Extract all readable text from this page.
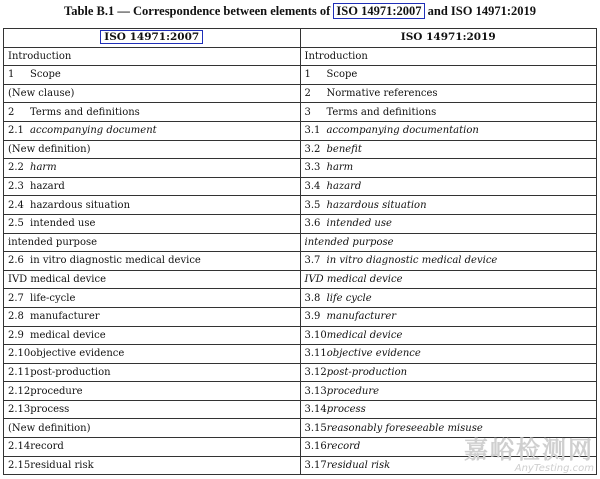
Table B.1 — Correspondence between elements of ISO 14971:2007 and ISO 14971:2019
ISO 14971:2007	ISO 14971:2019
Introduction	Introduction
1 Scope	1 Scope
(New clause)	2 Normative references
2 Terms and definitions	3 Terms and definitions
2.1 accompanying document	3.1 accompanying documentation
(New definition)	3.2 benefit
2.2 harm	3.3 harm
2.3 hazard	3.4 hazard
2.4 hazardous situation	3.5 hazardous situation
2.5 intended use	3.6 intended use
intended purpose	intended purpose
2.6 in vitro diagnostic medical device	3.7 in vitro diagnostic medical device
IVD medical device	IVD medical device
2.7 life-cycle	3.8 life cycle
2.8 manufacturer	3.9 manufacturer
2.9 medical device	3.10medical device
2.10objective evidence	3.11objective evidence
2.11post-production	3.12post-production
2.12procedure	3.13procedure
2.13process	3.14process
(New definition)	3.15reasonably foreseeable misuse
2.14record	3.16record
2.15residual risk	3.17residual risk
嘉峪检测网
AnyTesting.com
